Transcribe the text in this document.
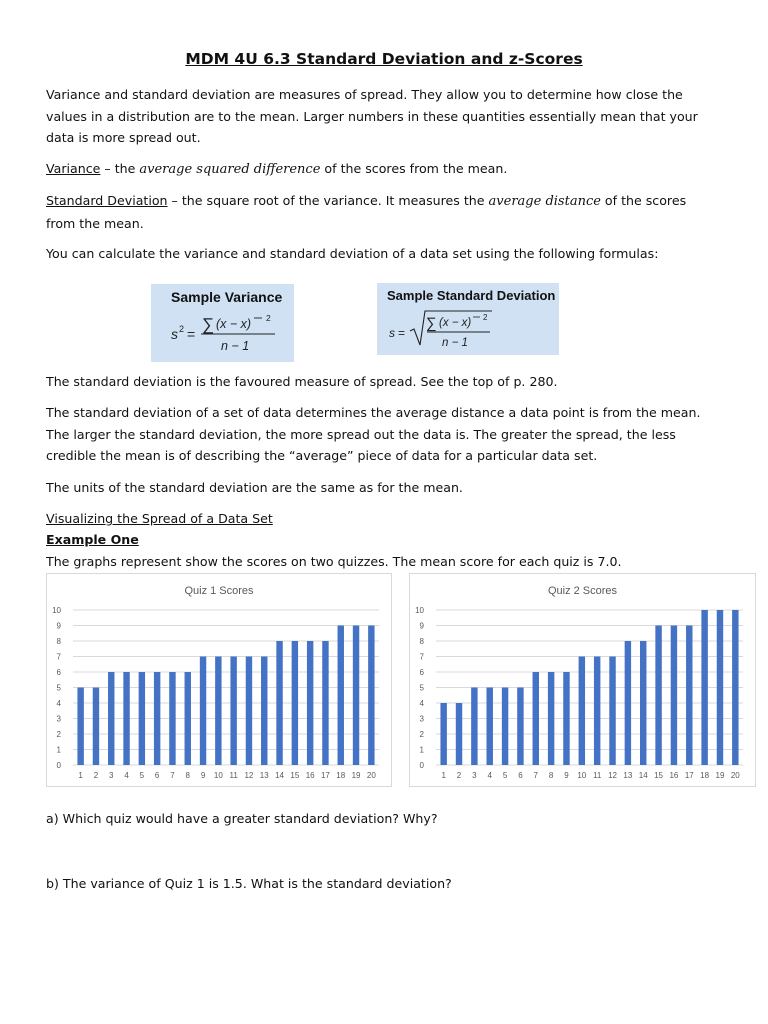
MDM 4U 6.3 Standard Deviation and z-Scores

Variance and standard deviation are measures of spread. They allow you to determine how close the
values in a distribution are to the mean. Larger numbers in these quantities essentially mean that your
data is more spread out.

Variance – the average squared difference of the scores from the mean.

Standard Deviation – the square root of the variance. It measures the average distance of the scores
from the mean.

You can calculate the variance and standard deviation of a data set using the following formulas:

Sample Variance
s 2 = ∑ (x − x) 2
n − 1
Sample Standard Deviation
s =
∑ (x − x) 2
n − 1

The standard deviation is the favoured measure of spread. See the top of p. 280.

The standard deviation of a set of data determines the average distance a data point is from the mean.
The larger the standard deviation, the more spread out the data is. The greater the spread, the less
credible the mean is of describing the “average” piece of data for a particular data set.

The units of the standard deviation are the same as for the mean.

Visualizing the Spread of a Data Set

Example One

The graphs represent show the scores on two quizzes. The mean score for each quiz is 7.0.

Quiz 1 Scores
0
1
2
3
4
5
6
7
8
9
10
1 2 3 4 5 6 7 8 9 10 11 12 13 14 15 16 17 18 19 20
Quiz 2 Scores
0
1
2
3
4
5
6
7
8
9
10
1 2 3 4 5 6 7 8 9 10 11 12 13 14 15 16 17 18 19 20

a) Which quiz would have a greater standard deviation? Why?

b) The variance of Quiz 1 is 1.5. What is the standard deviation?
